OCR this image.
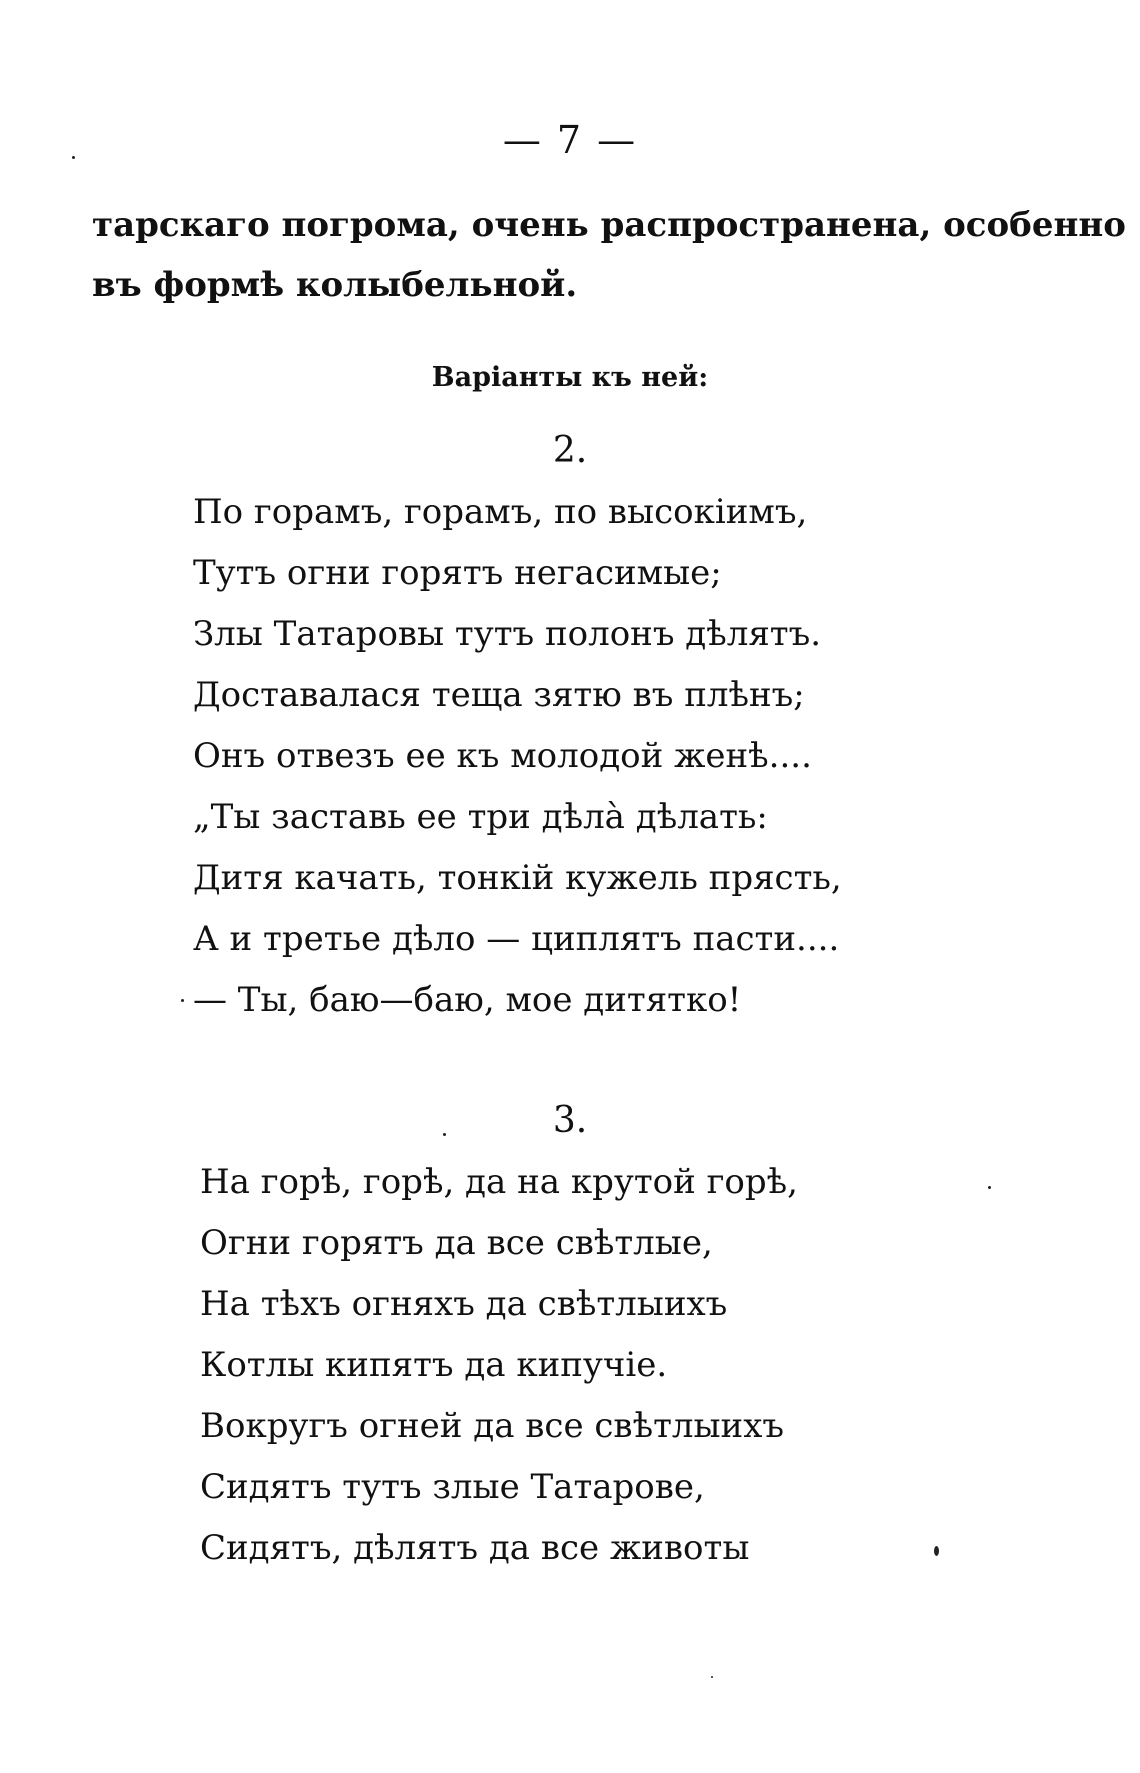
— 7 —

тарскаго погрома, очень распространена, особенно

въ формѣ колыбельной.

Варіанты къ ней:
2.
По горамъ, горамъ, по высокіимъ,
Тутъ огни горятъ негасимые;
Злы Татаровы тутъ полонъ дѣлятъ.
Доставалася теща зятю въ плѣнъ;
Онъ отвезъ ее къ молодой женѣ....
„Ты заставь ее три дѣлà дѣлать:
Дитя качать, тонкій кужель прясть,
А и третье дѣло — циплятъ пасти....
— Ты, баю—баю, мое дитятко!
3.
На горѣ, горѣ, да на крутой горѣ,
Огни горятъ да все свѣтлые,
На тѣхъ огняхъ да свѣтлыихъ
Котлы кипятъ да кипучіе.
Вокругъ огней да все свѣтлыихъ
Сидятъ тутъ злые Татарове,
Сидятъ, дѣлятъ да все животы
